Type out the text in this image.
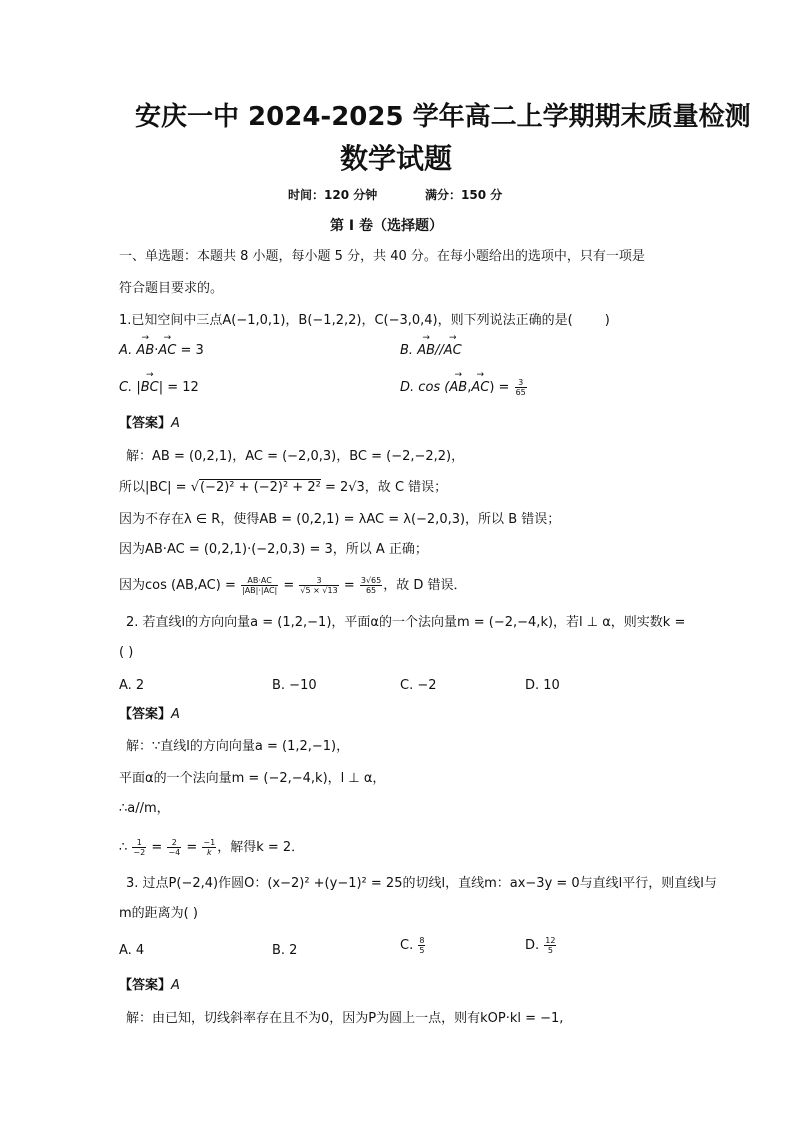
安庆一中 2024-2025 学年高二上学期期末质量检测
数学试题
时间：120 分钟	满分：150 分
第 I 卷（选择题）
一、单选题：本题共 8 小题，每小题 5 分，共 40 分。在每小题给出的选项中，只有一项是
符合题目要求的。
1.已知空间中三点A(−1,0,1)，B(−1,2,2)，C(−3,0,4)，则下列说法正确的是( )
A. → AB·→ AC = 3	B. → AB//→ AC
C. |→ BC| = 12	D. cos (→ $AB,\to AC) = \frac{3}{65}$
【答案】A
解：AB = (0,2,1)，AC = (−2,0,3)，BC = (−2,−2,2)，
所以|BC| = √(−2)² + (−2)² + 2² = 2√3，故 C 错误；
因为不存在λ ∈ R，使得AB = (0,2,1) = λAC = λ(−2,0,3)，所以 B 错误；
因为AB·AC = (0,2,1)·(−2,0,3) = 3，所以 A 正确；
因为$\cos (AB,AC) = \frac{AB\cdot AC}{|AB|\cdot|AC|} = \frac{3}{√5 \times √13} = \frac{3√65}{65}$ ，故 D 错误．
2. 若直线l的方向向量a = (1,2,−1)，平面α的一个法向量m = (−2,−4,k)，若l ⊥ α，则实数k =
( )
A. 2	B. −10	C. −2	D. 10
【答案】A
解：∵直线l的方向向量a = (1,2,−1)，
平面α的一个法向量m = (−2,−4,k)，l ⊥ α，
∴a//m，
∴ $\frac{1}{-2} = \frac{2}{-4} = \frac{-1}{k}$ ，解得k = 2．
3. 过点P(−2,4)作圆O：(x−2)² +(y−1)² = 25的切线l，直线m：ax−3y = 0与直线l平行，则直线l与
m的距离为( )
A. 4	B. 2	C. $\frac{8}{5}$	D. $\frac{12}{5}$
【答案】A
解：由已知，切线斜率存在且不为0，因为P为圆上一点，则有kOP·kl = −1,
